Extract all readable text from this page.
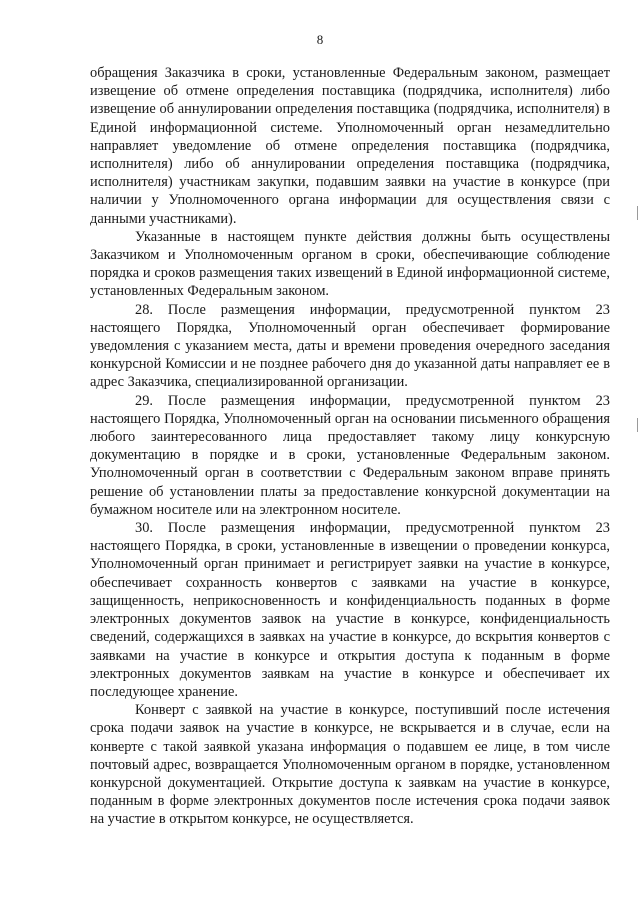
8

обращения Заказчика в сроки, установленные Федеральным законом, размещает извещение об отмене определения поставщика (подрядчика, исполнителя) либо извещение об аннулировании определения поставщика (подрядчика, исполнителя) в Единой информационной системе. Уполномоченный орган незамедлительно направляет уведомление об отмене определения поставщика (подрядчика, исполнителя) либо об аннулировании определения поставщика (подрядчика, исполнителя) участникам закупки, подавшим заявки на участие в конкурсе (при наличии у Уполномоченного органа информации для осуществления связи с данными участниками).

Указанные в настоящем пункте действия должны быть осуществлены Заказчиком и Уполномоченным органом в сроки, обеспечивающие соблюдение порядка и сроков размещения таких извещений в Единой информационной системе, установленных Федеральным законом.

28. После размещения информации, предусмотренной пунктом 23 настоящего Порядка, Уполномоченный орган обеспечивает формирование уведомления с указанием места, даты и времени проведения очередного заседания конкурсной Комиссии и не позднее рабочего дня до указанной даты направляет ее в адрес Заказчика, специализированной организации.

29. После размещения информации, предусмотренной пунктом 23 настоящего Порядка, Уполномоченный орган на основании письменного обращения любого заинтересованного лица предоставляет такому лицу конкурсную документацию в порядке и в сроки, установленные Федеральным законом. Уполномоченный орган в соответствии с Федеральным законом вправе принять решение об установлении платы за предоставление конкурсной документации на бумажном носителе или на электронном носителе.

30. После размещения информации, предусмотренной пунктом 23 настоящего Порядка, в сроки, установленные в извещении о проведении конкурса, Уполномоченный орган принимает и регистрирует заявки на участие в конкурсе, обеспечивает сохранность конвертов с заявками на участие в конкурсе, защищенность, неприкосновенность и конфиденциальность поданных в форме электронных документов заявок на участие в конкурсе, конфиденциальность сведений, содержащихся в заявках на участие в конкурсе, до вскрытия конвертов с заявками на участие в конкурсе и открытия доступа к поданным в форме электронных документов заявкам на участие в конкурсе и обеспечивает их последующее хранение.

Конверт с заявкой на участие в конкурсе, поступивший после истечения срока подачи заявок на участие в конкурсе, не вскрывается и в случае, если на конверте с такой заявкой указана информация о подавшем ее лице, в том числе почтовый адрес, возвращается Уполномоченным органом в порядке, установленном конкурсной документацией. Открытие доступа к заявкам на участие в конкурсе, поданным в форме электронных документов после истечения срока подачи заявок на участие в открытом конкурсе, не осуществляется.
